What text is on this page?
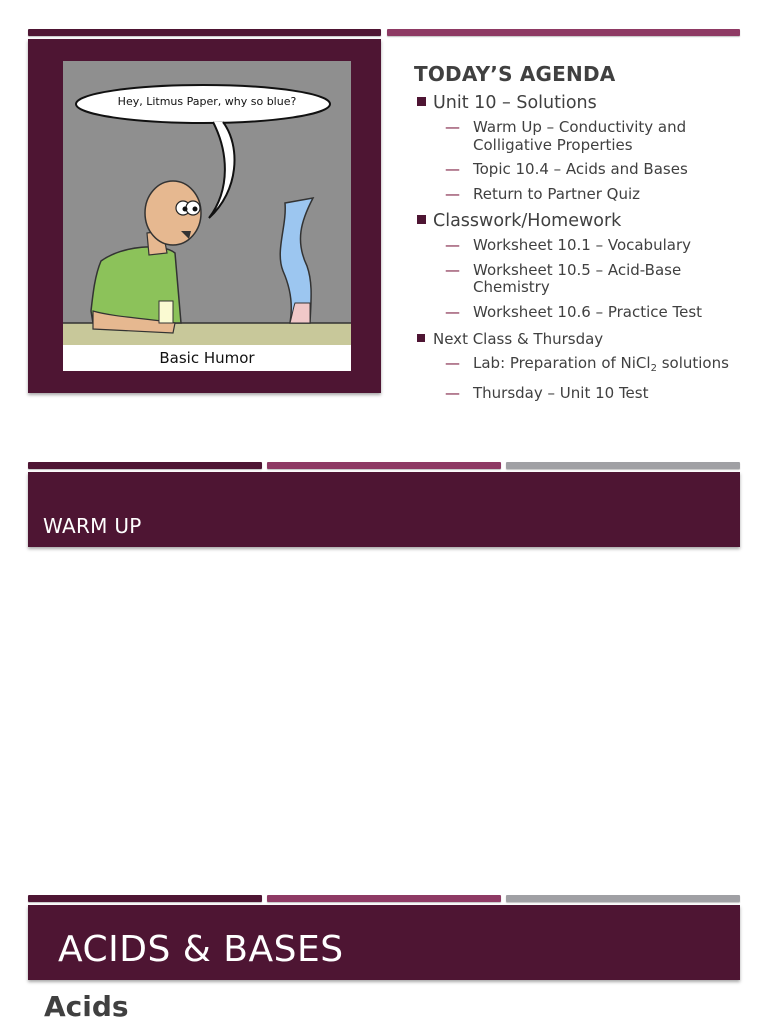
Hey, Litmus Paper, why so blue?
Basic Humor
TODAY’S AGENDA
Unit 10 – Solutions
— Warm Up – Conductivity and Colligative Properties
— Topic 10.4 – Acids and Bases
— Return to Partner Quiz
Classwork/Homework
— Worksheet 10.1 – Vocabulary
— Worksheet 10.5 – Acid-Base Chemistry
— Worksheet 10.6 – Practice Test
Next Class & Thursday
— Lab: Preparation of NiCl$_2$ solutions
— Thursday – Unit 10 Test
WARM UP
ACIDS & BASES
Acids
